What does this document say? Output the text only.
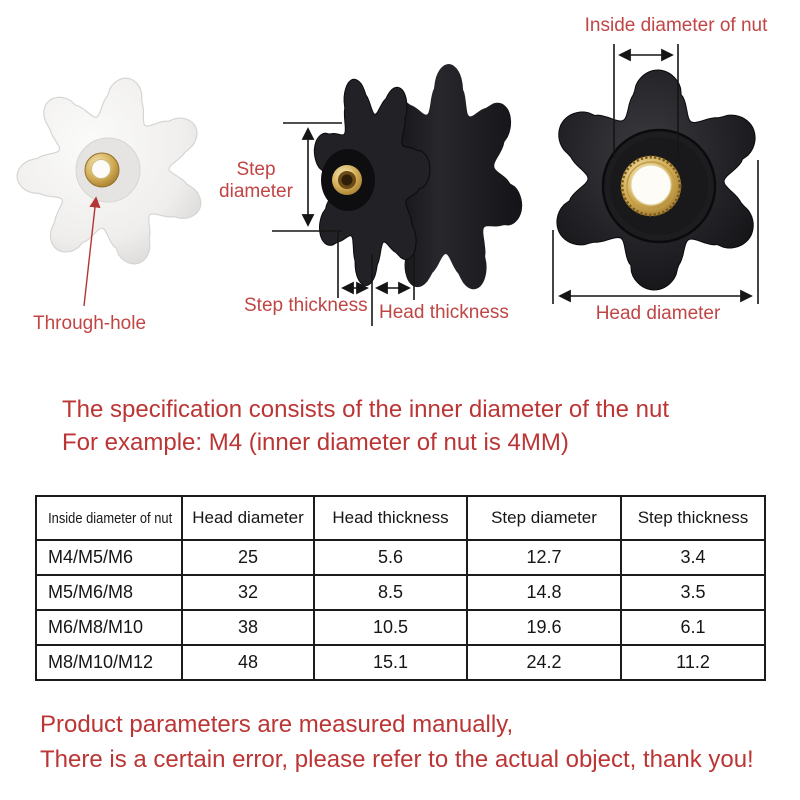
Inside diameter of nut
Step diameter
Step thickness Head thickness	Head diameter
Through-hole
The specification consists of the inner diameter of the nut
For example: M4 (inner diameter of nut is 4MM)
Inside diameter of nut	Head diameter	Head thickness	Step diameter	Step thickness
M4/M5/M6	25	5.6	12.7	3.4
M5/M6/M8	32	8.5	14.8	3.5
M6/M8/M10	38	10.5	19.6	6.1
M8/M10/M12	48	15.1	24.2	11.2
Product parameters are measured manually,
There is a certain error, please refer to the actual object, thank you!
